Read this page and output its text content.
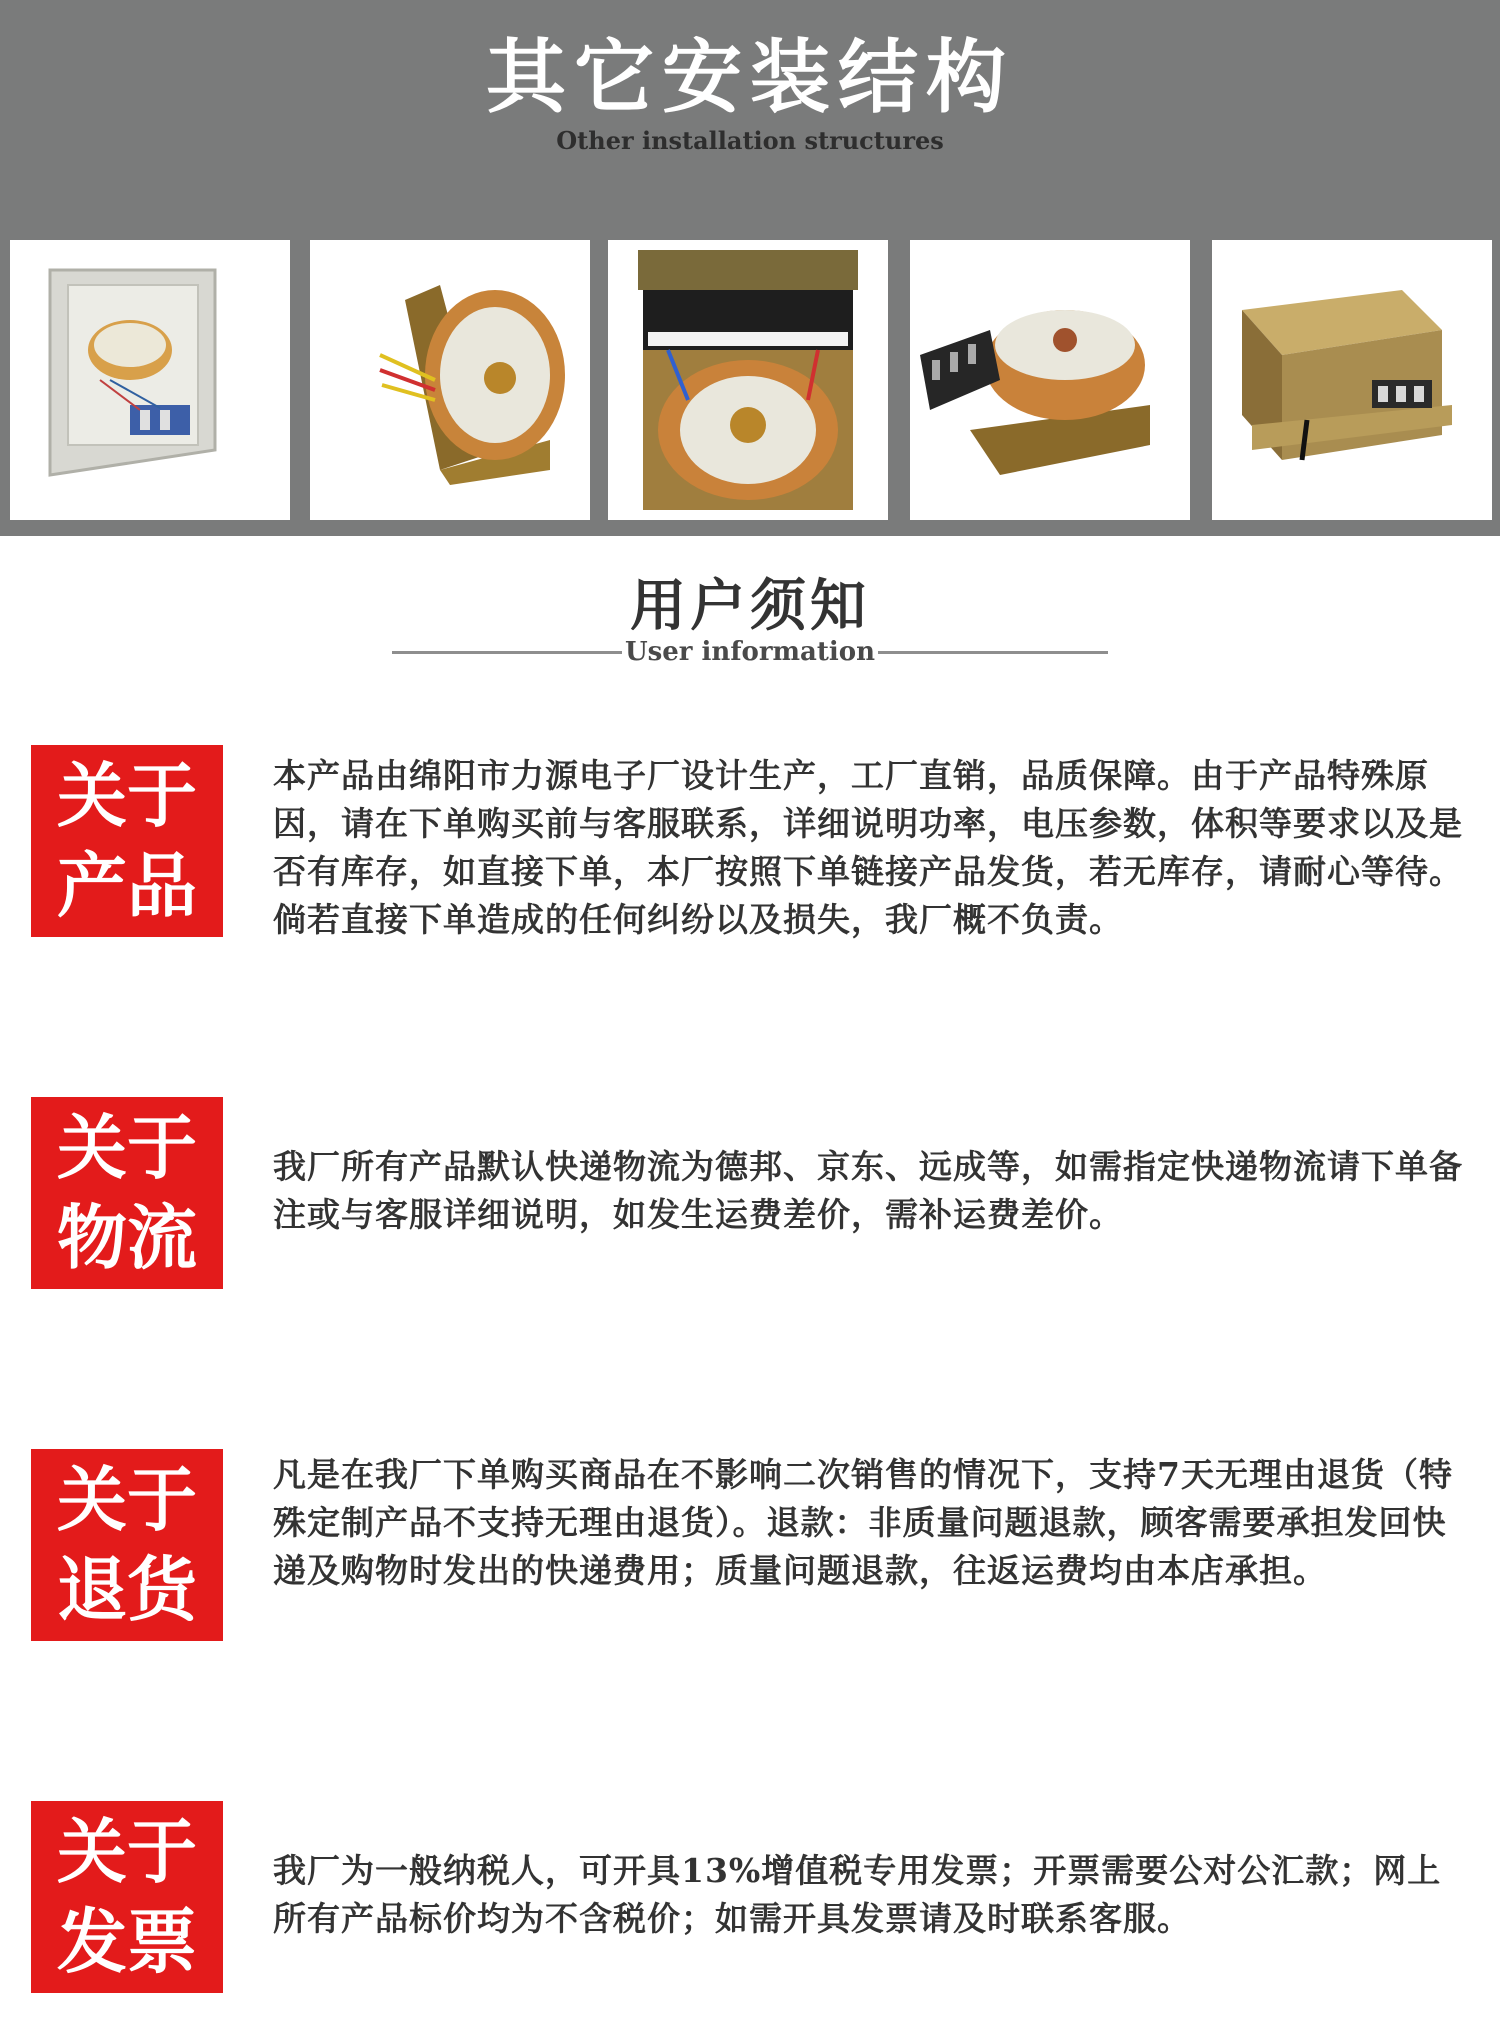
其它安装结构
Other installation structures
用户须知
User information
关于
产品
本产品由绵阳市力源电子厂设计生产，工厂直销，品质保障。由于产品特殊原因，请在下单购买前与客服联系，详细说明功率，电压参数，体积等要求以及是否有库存，如直接下单，本厂按照下单链接产品发货，若无库存，请耐心等待。倘若直接下单造成的任何纠纷以及损失，我厂概不负责。
关于
物流
我厂所有产品默认快递物流为德邦、京东、远成等，如需指定快递物流请下单备注或与客服详细说明，如发生运费差价，需补运费差价。
关于
退货
凡是在我厂下单购买商品在不影响二次销售的情况下，支持7天无理由退货（特殊定制产品不支持无理由退货）。退款：非质量问题退款，顾客需要承担发回快递及购物时发出的快递费用；质量问题退款，往返运费均由本店承担。
关于
发票
我厂为一般纳税人，可开具13%增值税专用发票；开票需要公对公汇款；网上所有产品标价均为不含税价；如需开具发票请及时联系客服。
